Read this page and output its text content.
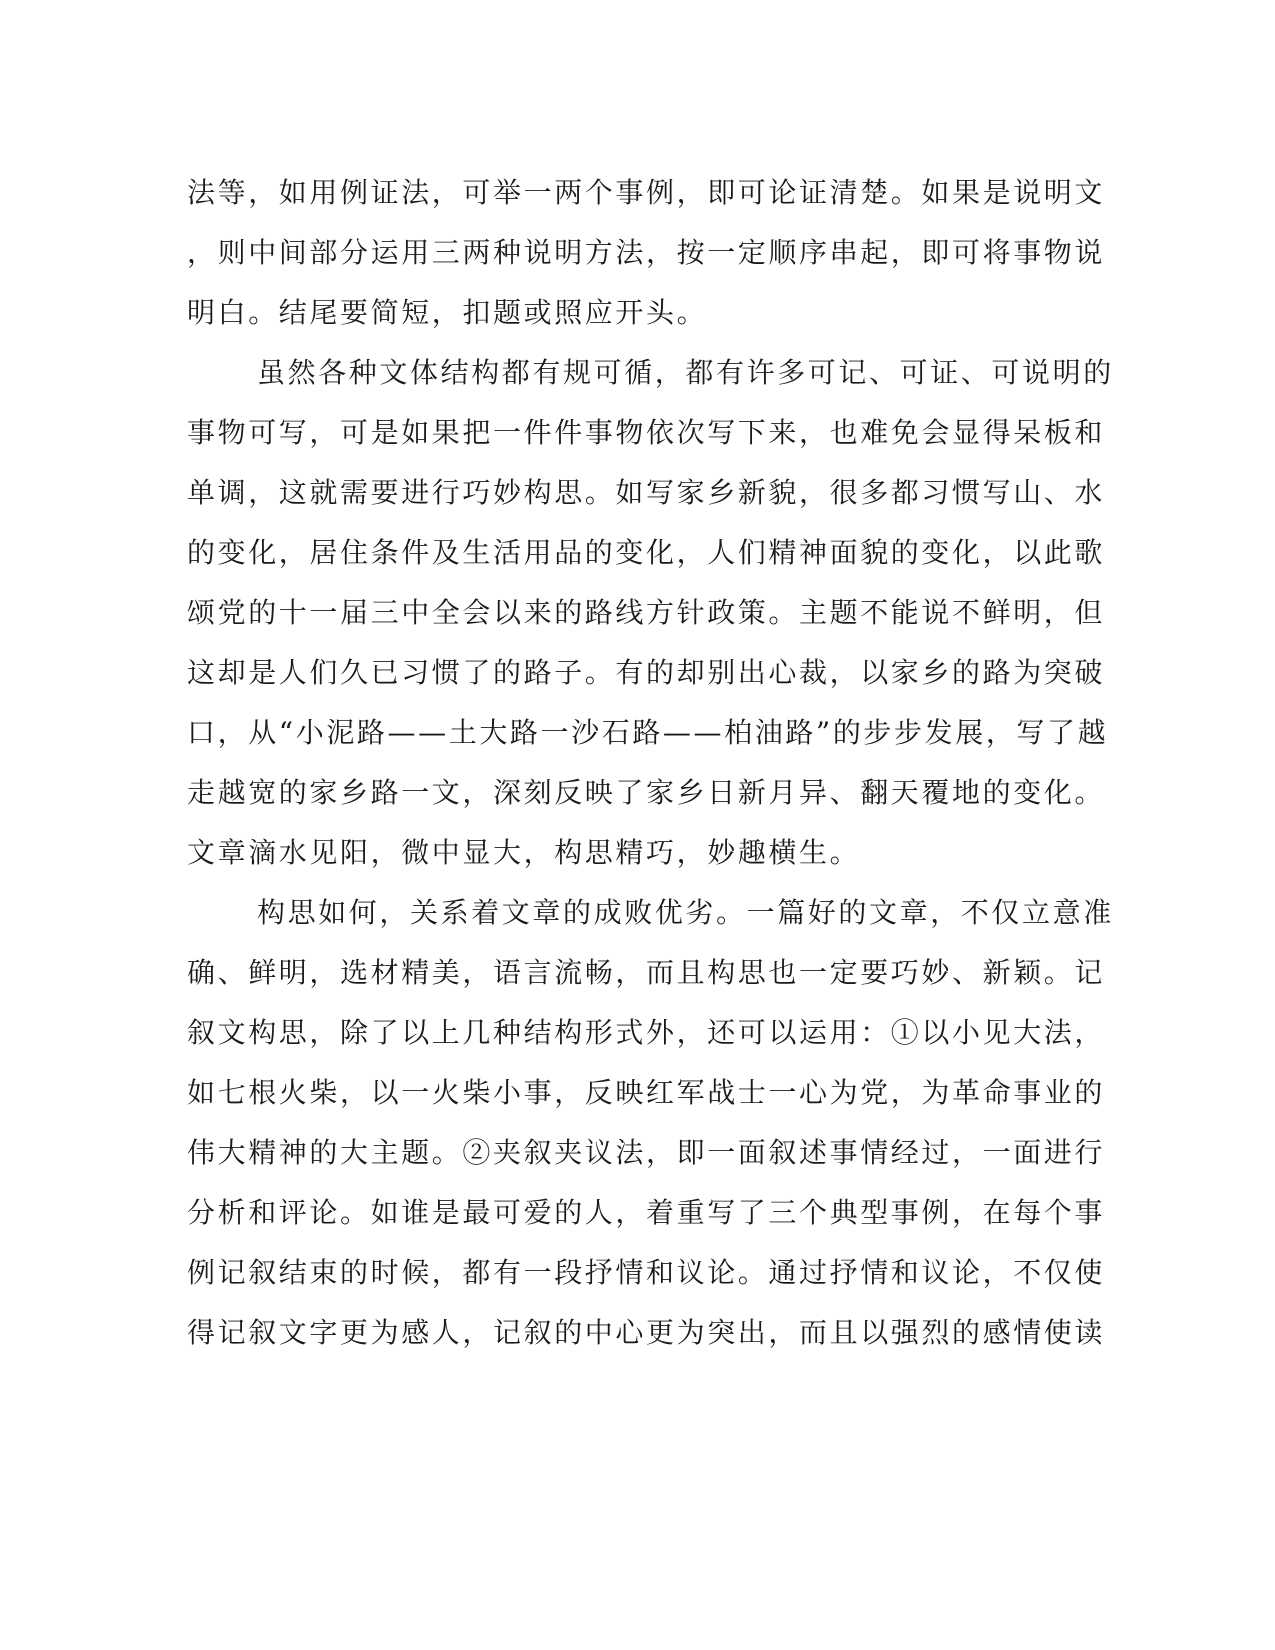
法等，如用例证法，可举一两个事例，即可论证清楚。如果是说明文
，则中间部分运用三两种说明方法，按一定顺序串起，即可将事物说
明白。结尾要简短，扣题或照应开头。
虽然各种文体结构都有规可循，都有许多可记、可证、可说明的
事物可写，可是如果把一件件事物依次写下来，也难免会显得呆板和
单调，这就需要进行巧妙构思。如写家乡新貌，很多都习惯写山、水
的变化，居住条件及生活用品的变化，人们精神面貌的变化，以此歌
颂党的十一届三中全会以来的路线方针政策。主题不能说不鲜明，但
这却是人们久已习惯了的路子。有的却别出心裁，以家乡的路为突破
口，从“小泥路——土大路一沙石路——柏油路”的步步发展，写了越
走越宽的家乡路一文，深刻反映了家乡日新月异、翻天覆地的变化。
文章滴水见阳，微中显大，构思精巧，妙趣横生。
构思如何，关系着文章的成败优劣。一篇好的文章，不仅立意准
确、鲜明，选材精美，语言流畅，而且构思也一定要巧妙、新颖。记
叙文构思，除了以上几种结构形式外，还可以运用：①以小见大法，
如七根火柴，以一火柴小事，反映红军战士一心为党，为革命事业的
伟大精神的大主题。②夹叙夹议法，即一面叙述事情经过，一面进行
分析和评论。如谁是最可爱的人，着重写了三个典型事例，在每个事
例记叙结束的时候，都有一段抒情和议论。通过抒情和议论，不仅使
得记叙文字更为感人，记叙的中心更为突出，而且以强烈的感情使读
